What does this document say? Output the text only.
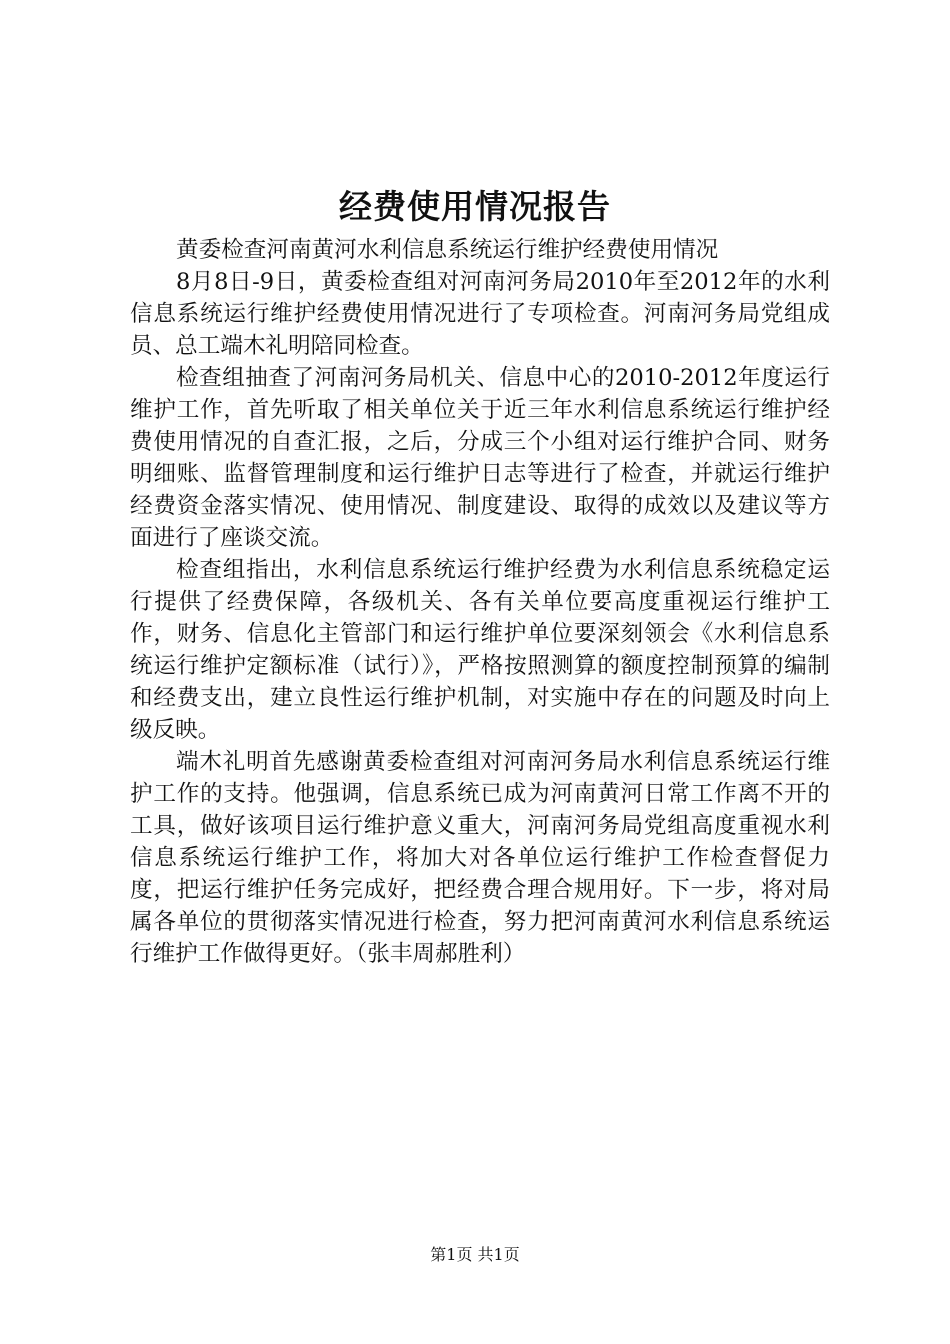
经费使用情况报告

黄委检查河南黄河水利信息系统运行维护经费使用情况

8月8日-9日，黄委检查组对河南河务局2010年至2012年的水利信息系统运行维护经费使用情况进行了专项检查。河南河务局党组成员、总工端木礼明陪同检查。

检查组抽查了河南河务局机关、信息中心的2010-2012年度运行维护工作，首先听取了相关单位关于近三年水利信息系统运行维护经费使用情况的自查汇报，之后，分成三个小组对运行维护合同、财务明细账、监督管理制度和运行维护日志等进行了检查，并就运行维护经费资金落实情况、使用情况、制度建设、取得的成效以及建议等方面进行了座谈交流。

检查组指出，水利信息系统运行维护经费为水利信息系统稳定运行提供了经费保障，各级机关、各有关单位要高度重视运行维护工作，财务、信息化主管部门和运行维护单位要深刻领会《水利信息系统运行维护定额标准（试行）》，严格按照测算的额度控制预算的编制和经费支出，建立良性运行维护机制，对实施中存在的问题及时向上级反映。

端木礼明首先感谢黄委检查组对河南河务局水利信息系统运行维护工作的支持。他强调，信息系统已成为河南黄河日常工作离不开的工具，做好该项目运行维护意义重大，河南河务局党组高度重视水利信息系统运行维护工作，将加大对各单位运行维护工作检查督促力度，把运行维护任务完成好，把经费合理合规用好。下一步，将对局属各单位的贯彻落实情况进行检查，努力把河南黄河水利信息系统运行维护工作做得更好。（张丰周郝胜利）

第1页 共1页
